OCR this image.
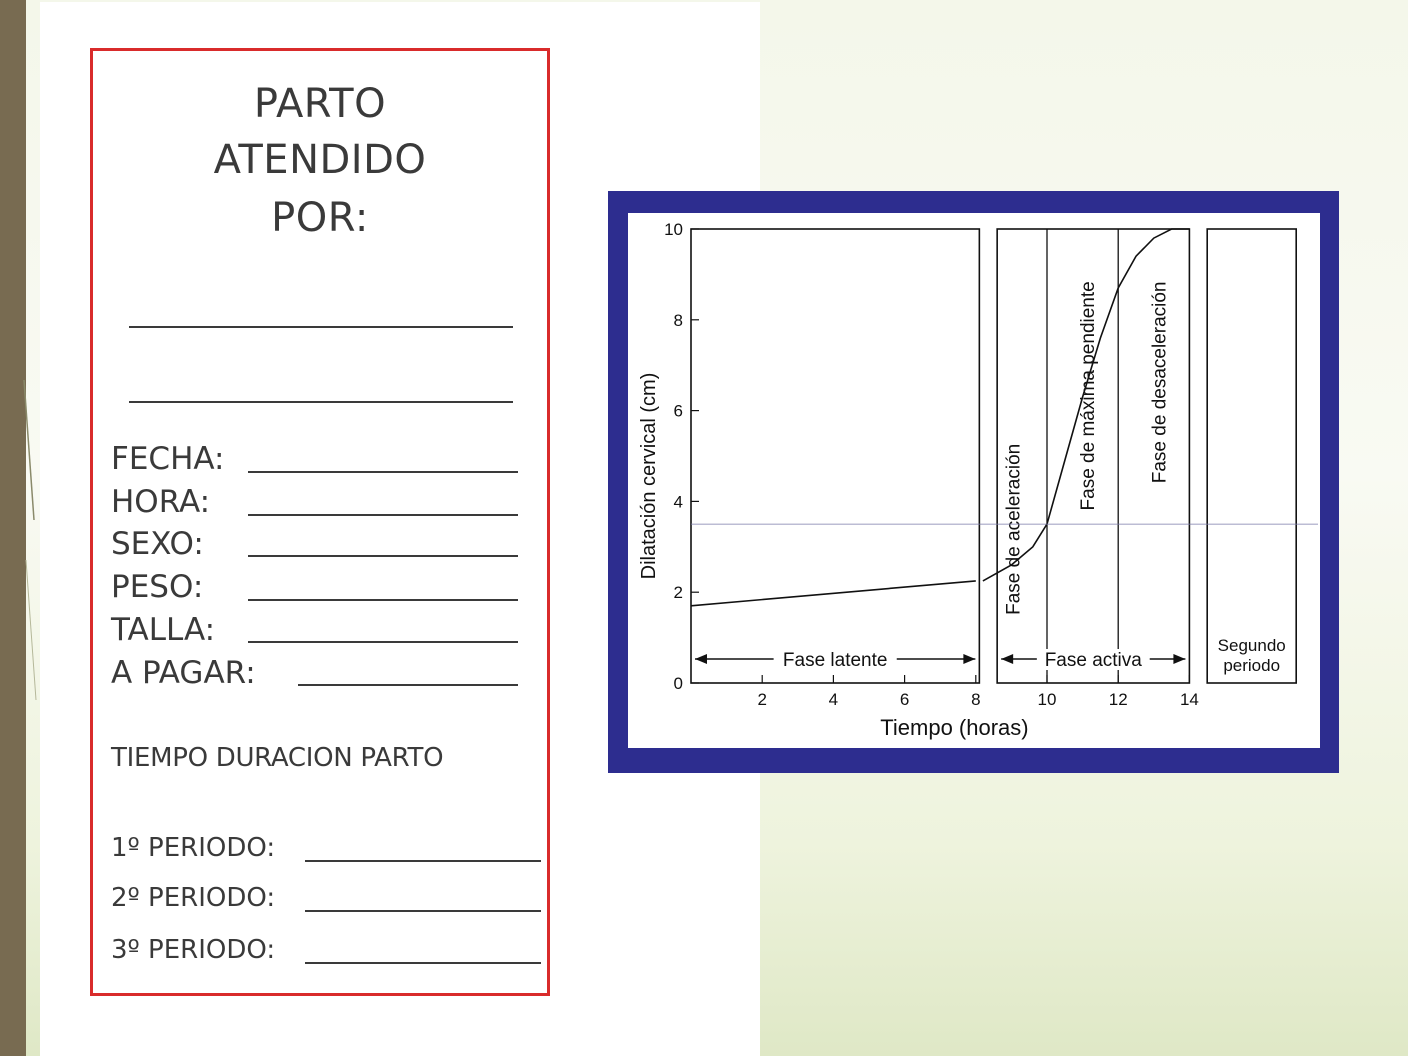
PARTO
ATENDIDO
POR:
FECHA:
HORA:
SEXO:
PESO:
TALLA:
A PAGAR:
TIEMPO DURACION PARTO
1º PERIODO:
2º PERIODO:
3º PERIODO:
0
2
4
6
8
10
2	4	6	8	10	12	14
Tiempo (horas)
Dilatación cervical (cm)
Fase latente	Fase activa
Segundo
periodo
Fase de aceleración
Fase de máxima pendiente	Fase de desaceleración
